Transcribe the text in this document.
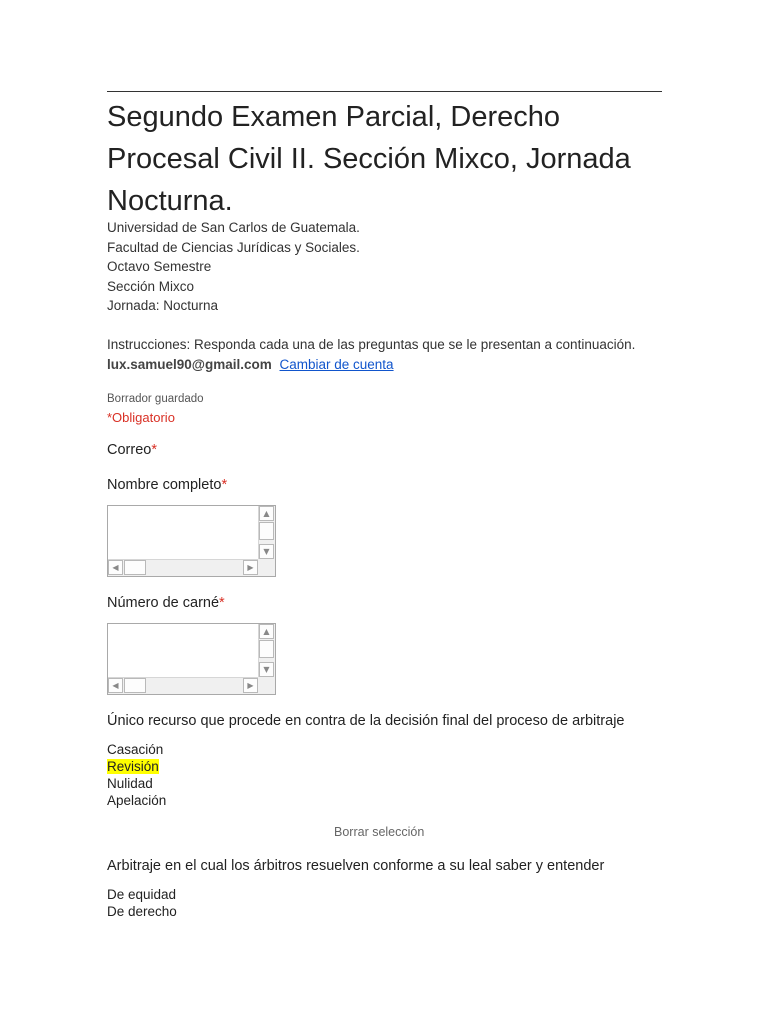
Segundo Examen Parcial, Derecho Procesal Civil II. Sección Mixco, Jornada Nocturna.
Universidad de San Carlos de Guatemala.
Facultad de Ciencias Jurídicas y Sociales.
Octavo Semestre
Sección Mixco
Jornada: Nocturna
Instrucciones: Responda cada una de las preguntas que se le presentan a continuación.
lux.samuel90@gmail.com Cambiar de cuenta
Borrador guardado
*Obligatorio
Correo*
Nombre completo*
▲
▼
◀	▶
Número de carné*
▲
▼
◀	▶
Único recurso que procede en contra de la decisión final del proceso de arbitraje
Casación
Revisión
Nulidad
Apelación
Borrar selección
Arbitraje en el cual los árbitros resuelven conforme a su leal saber y entender
De equidad
De derecho
